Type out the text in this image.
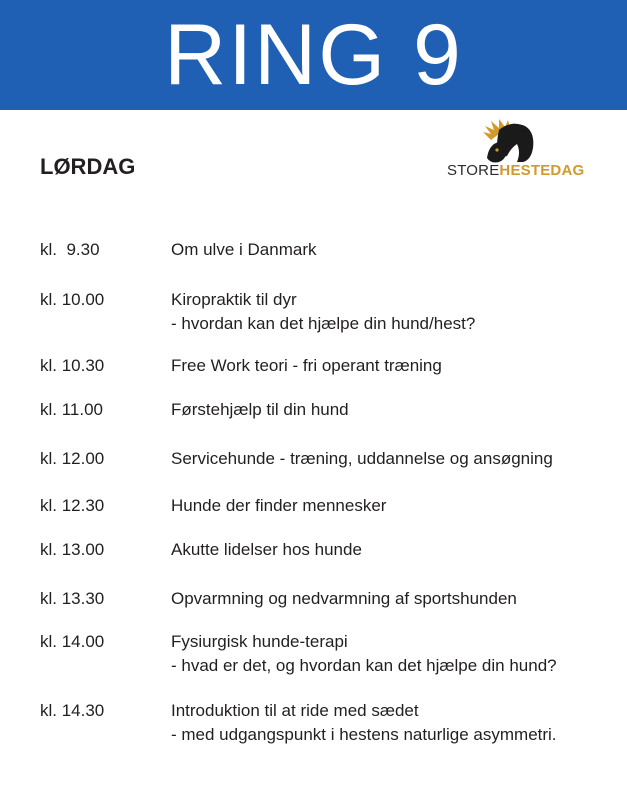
RING 9
LØRDAG	STOREHESTEDAG
kl.  9.30	Om ulve i Danmark
kl. 10.00	Kiropraktik til dyr
- hvordan kan det hjælpe din hund/hest?
kl. 10.30	Free Work teori - fri operant træning
kl. 11.00	Førstehjælp til din hund
kl. 12.00	Servicehunde - træning, uddannelse og ansøgning
kl. 12.30	Hunde der finder mennesker
kl. 13.00	Akutte lidelser hos hunde
kl. 13.30	Opvarmning og nedvarmning af sportshunden
kl. 14.00	Fysiurgisk hunde-terapi
- hvad er det, og hvordan kan det hjælpe din hund?
kl. 14.30	Introduktion til at ride med sædet
- med udgangspunkt i hestens naturlige asymmetri.
